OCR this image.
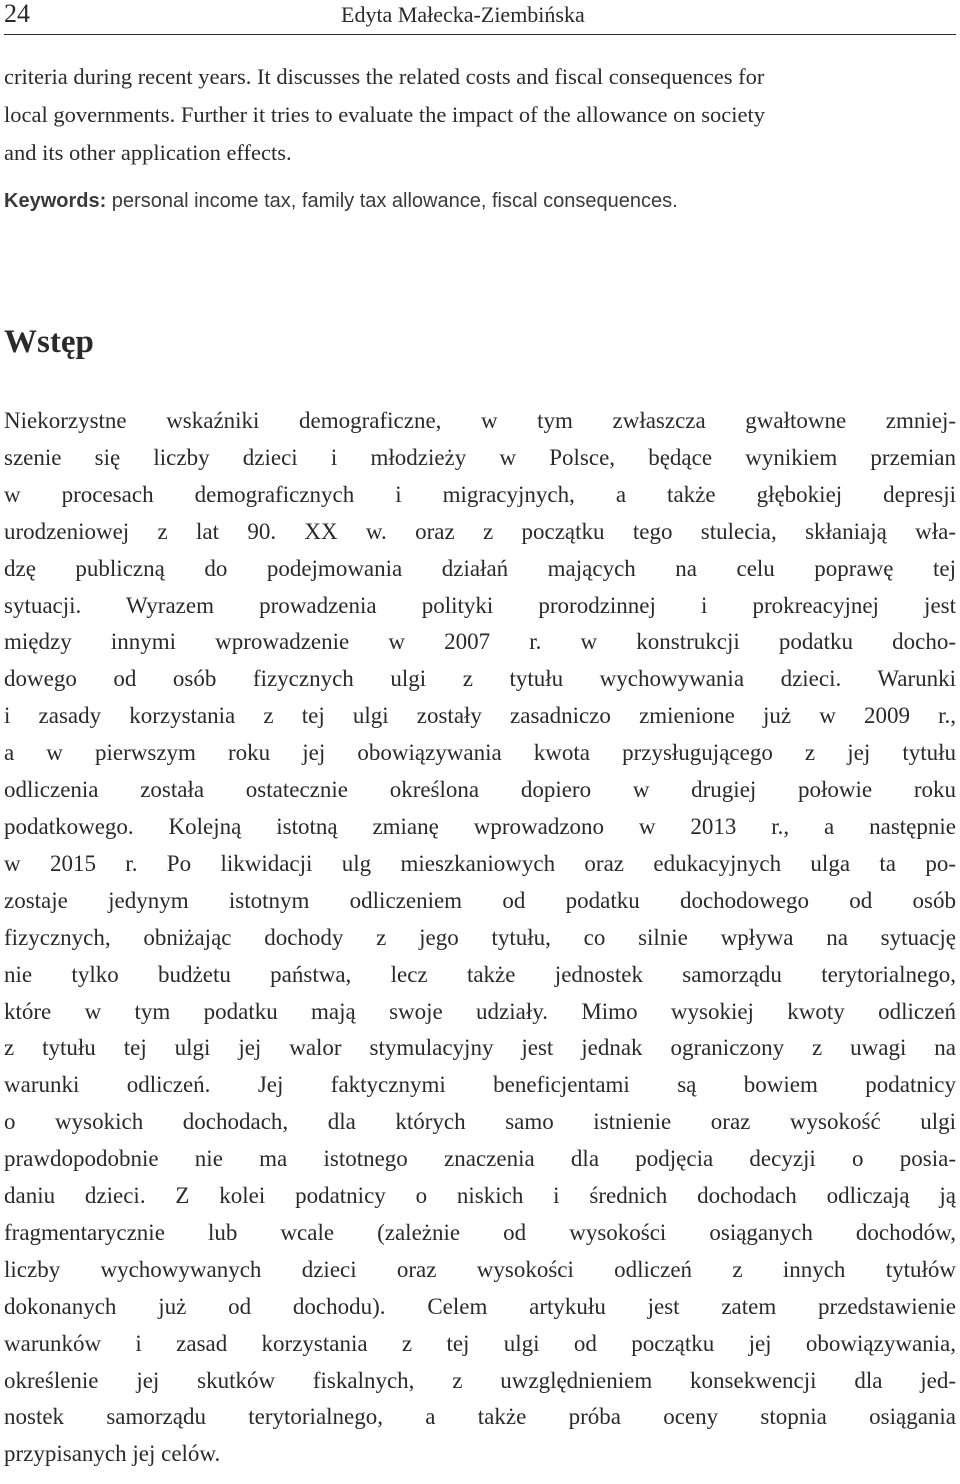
24	Edyta Małecka-Ziembińska
criteria during recent years. It discusses the related costs and fiscal consequences for
local governments. Further it tries to evaluate the impact of the allowance on society
and its other application effects.
Keywords: personal income tax, family tax allowance, fiscal consequences.
Wstęp
Niekorzystne wskaźniki demograficzne, w tym zwłaszcza gwałtowne zmniej-
szenie się liczby dzieci i młodzieży w Polsce, będące wynikiem przemian
w procesach demograficznych i migracyjnych, a także głębokiej depresji
urodzeniowej z lat 90. XX w. oraz z początku tego stulecia, skłaniają wła-
dzę publiczną do podejmowania działań mających na celu poprawę tej
sytuacji. Wyrazem prowadzenia polityki prorodzinnej i prokreacyjnej jest
między innymi wprowadzenie w 2007 r. w konstrukcji podatku docho-
dowego od osób fizycznych ulgi z tytułu wychowywania dzieci. Warunki
i zasady korzystania z tej ulgi zostały zasadniczo zmienione już w 2009 r.,
a w pierwszym roku jej obowiązywania kwota przysługującego z jej tytułu
odliczenia została ostatecznie określona dopiero w drugiej połowie roku
podatkowego. Kolejną istotną zmianę wprowadzono w 2013 r., a następnie
w 2015 r. Po likwidacji ulg mieszkaniowych oraz edukacyjnych ulga ta po-
zostaje jedynym istotnym odliczeniem od podatku dochodowego od osób
fizycznych, obniżając dochody z jego tytułu, co silnie wpływa na sytuację
nie tylko budżetu państwa, lecz także jednostek samorządu terytorialnego,
które w tym podatku mają swoje udziały. Mimo wysokiej kwoty odliczeń
z tytułu tej ulgi jej walor stymulacyjny jest jednak ograniczony z uwagi na
warunki odliczeń. Jej faktycznymi beneficjentami są bowiem podatnicy
o wysokich dochodach, dla których samo istnienie oraz wysokość ulgi
prawdopodobnie nie ma istotnego znaczenia dla podjęcia decyzji o posia-
daniu dzieci. Z kolei podatnicy o niskich i średnich dochodach odliczają ją
fragmentarycznie lub wcale (zależnie od wysokości osiąganych dochodów,
liczby wychowywanych dzieci oraz wysokości odliczeń z innych tytułów
dokonanych już od dochodu). Celem artykułu jest zatem przedstawienie
warunków i zasad korzystania z tej ulgi od początku jej obowiązywania,
określenie jej skutków fiskalnych, z uwzględnieniem konsekwencji dla jed-
nostek samorządu terytorialnego, a także próba oceny stopnia osiągania
przypisanych jej celów.
